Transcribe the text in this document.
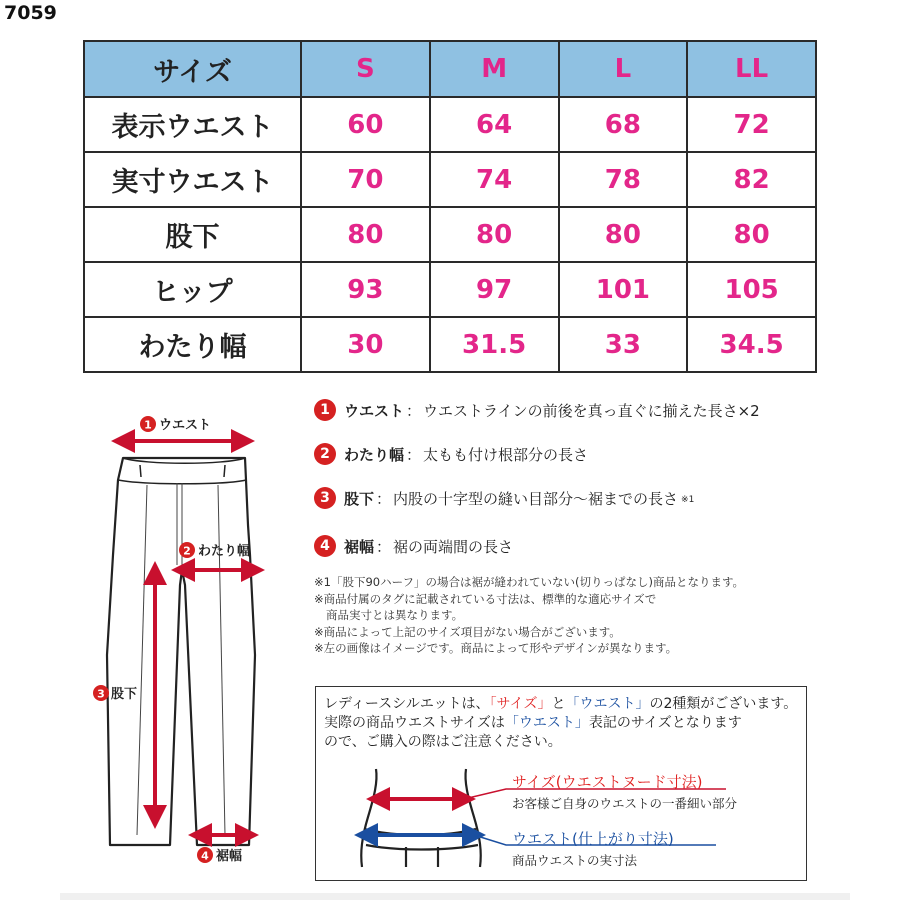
7059
サイズ	S	M	L	LL
表示ウエスト	60	64	68	72
実寸ウエスト	70	74	78	82
股下	80	80	80	80
ヒップ	93	97	101	105
わたり幅	30	31.5	33	34.5
1 ウエスト
2 わたり幅
3 股下
4 裾幅
1 ウエスト ： ウエストラインの前後を真っ直ぐに揃えた長さ×2
2 わたり幅 ： 太もも付け根部分の長さ
3 股下 ： 内股の十字型の縫い目部分～裾までの長さ ※1
4 裾幅 ： 裾の両端間の長さ
※1「股下90ハーフ」の場合は裾が縫われていない(切りっぱなし)商品となります。
※商品付属のタグに記載されている寸法は、標準的な適応サイズで
商品実寸とは異なります。
※商品によって上記のサイズ項目がない場合がございます。
※左の画像はイメージです。商品によって形やデザインが異なります。
レディースシルエットは、「サイズ」と「ウエスト」の2種類がございます。
実際の商品ウエストサイズは「ウエスト」表記のサイズとなります
ので、ご購入の際はご注意ください。
サイズ(ウエストヌード寸法)
お客様ご自身のウエストの一番細い部分
ウエスト(仕上がり寸法)
商品ウエストの実寸法
